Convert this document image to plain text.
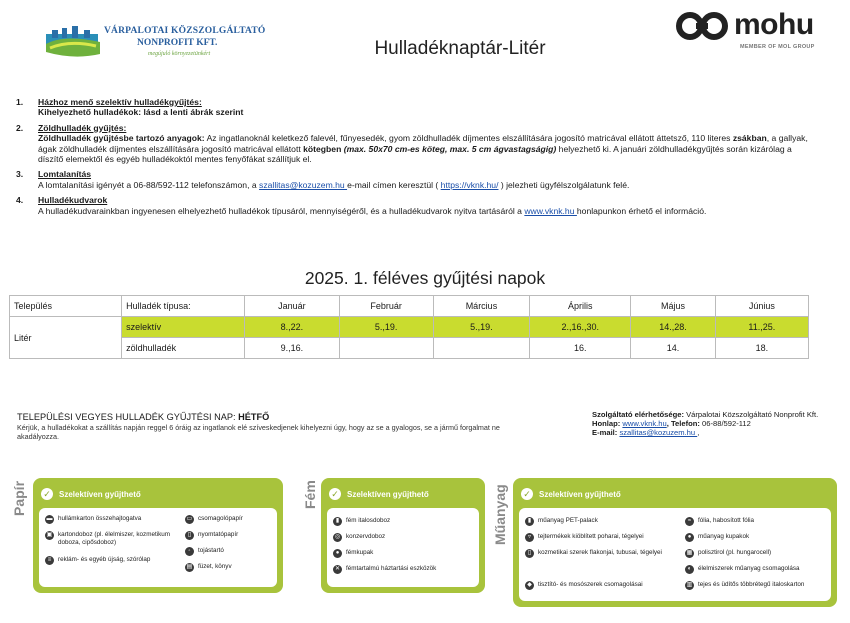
VÁRPALOTAI KÖZSZOLGÁLTATÓ
NONPROFIT KFT.
megújuló környezetünkért	Hulladéknaptár-Litér
mohu
MEMBER OF MOL GROUP
1. Házhoz menő szelektív hulladékgyűjtés:
Kihelyezhető hulladékok: lásd a lenti ábrák szerint
2. Zöldhulladék gyűjtés:
Zöldhulladék gyűjtésbe tartozó anyagok: Az ingatlanoknál keletkező falevél, fűnyesedék, gyom zöldhulladék díjmentes elszállítására jogosító matricával ellátott áttetsző, 110 literes zsákban, a gallyak, ágak zöldhulladék díjmentes elszállítására jogosító matricával ellátott kötegben (max. 50x70 cm-es köteg, max. 5 cm ágvastagságig) helyezhető ki. A januári zöldhulladékgyűjtés során kizárólag a díszítő elemektől és egyéb hulladékoktól mentes fenyőfákat szállítjuk el.
3. Lomtalanítás
A lomtalanítási igényét a 06-88/592-112 telefonszámon, a szallitas@kozuzem.hu e-mail címen keresztül ( https://vknk.hu/ ) jelezheti ügyfélszolgálatunk felé.
4. Hulladékudvarok
A hulladékudvarainkban ingyenesen elhelyezhető hulladékok típusáról, mennyiségéről, és a hulladékudvarok nyitva tartásáról a www.vknk.hu honlapunkon érhető el információ.
2025. 1. féléves gyűjtési napok
Település	Hulladék típusa:	Január	Február	Március	Április	Május	Június
Litér	szelektív	8.,22.	5.,19.	5.,19.	2.,16.,30.	14.,28.	11.,25.
	zöldhulladék	9.,16.			16.	14.	18.
TELEPÜLÉSI VEGYES HULLADÉK GYŰJTÉSI NAP: HÉTFŐ
Kérjük, a hulladékokat a szállítás napján reggel 6 óráig az ingatlanok elé szíveskedjenek kihelyezni úgy, hogy az se a gyalogos, se a jármű forgalmat ne akadályozza.
Szolgáltató elérhetősége: Várpalotai Közszolgáltató Nonprofit Kft.
Honlap: www.vknk.hu, Telefon: 06-88/592-112
E-mail: szallitas@kozuzem.hu ,
Papír ✓ Szelektíven gyűjthető
▬ hullámkarton összehajtogatva
▣ kartondoboz (pl. élelmiszer, kozmetikum doboza, cipősdoboz)
≡	reklám- és egyéb újság, szórólap
▭ csomagolópapír
▯	nyomtatópapír
◦	tojástartó
▤ füzet, könyv
Fém ✓ Szelektíven gyűjthető
▮	fém italosdoboz
◎ konzervdoboz
●	fémkupak
✕ fémtartalmú háztartási eszközök
Műanyag ✓ Szelektíven gyűjthető
▮	műanyag PET-palack
▿	tejtermékek kiöblített poharai, tégelyei
▯	kozmetikai szerek flakonjai, tubusai, tégelyei
◆ tisztító- és mosószerek csomagolásai
≈	fólia, habosított fólia
●	műanyag kupakok
▦ polisztirol (pl. hungarocell)
◐	élelmiszerek műanyag csomagolása
▥ tejes és üdítős többrétegű italoskarton
